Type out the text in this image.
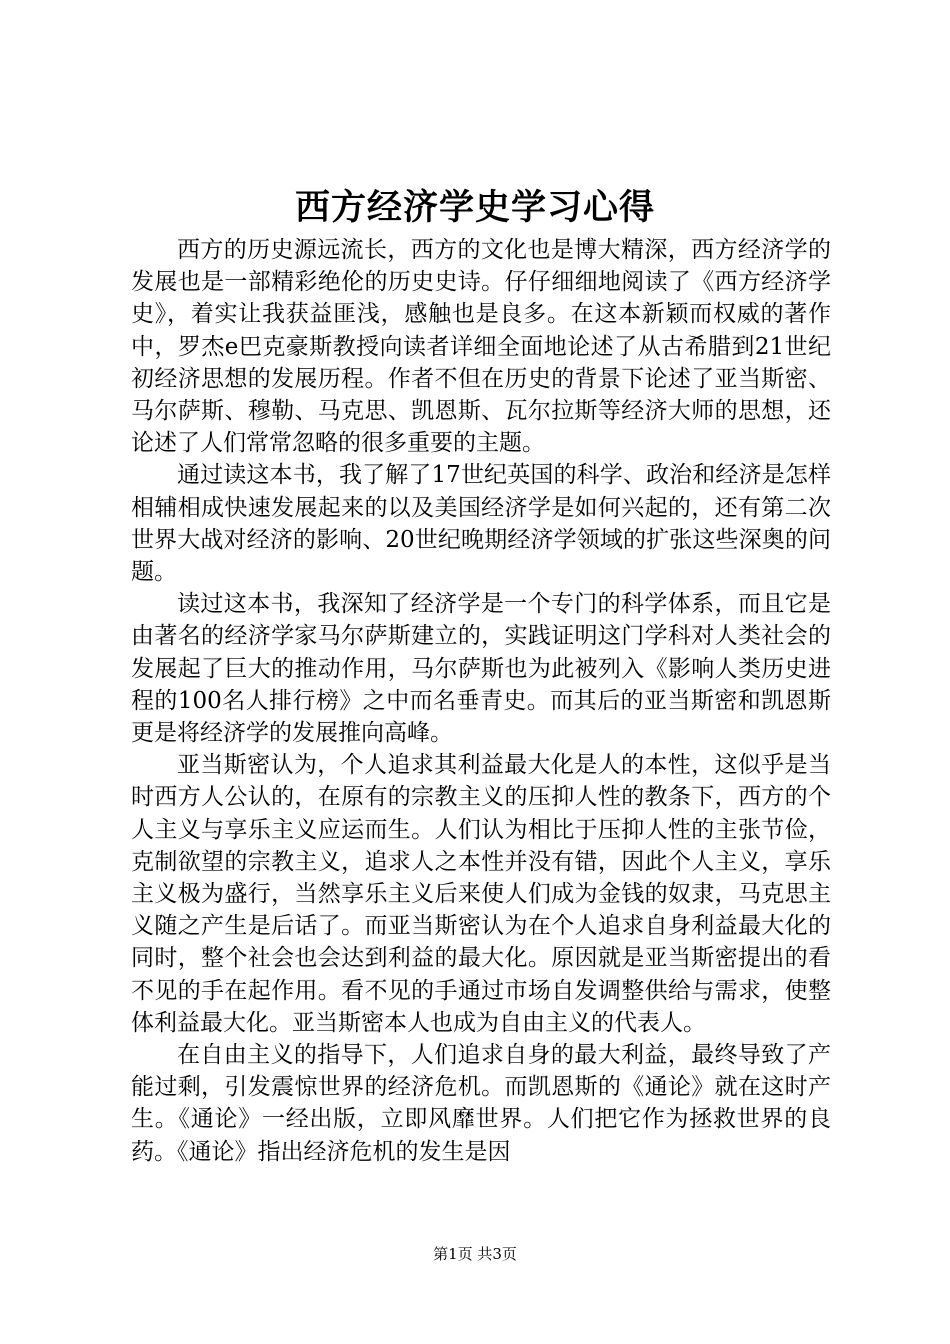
西方经济学史学习心得

西方的历史源远流长，西方的文化也是博大精深，西方经济学的发展也是一部精彩绝伦的历史史诗。仔仔细细地阅读了《西方经济学史》，着实让我获益匪浅，感触也是良多。在这本新颖而权威的著作中，罗杰e巴克豪斯教授向读者详细全面地论述了从古希腊到21世纪初经济思想的发展历程。作者不但在历史的背景下论述了亚当斯密、马尔萨斯、穆勒、马克思、凯恩斯、瓦尔拉斯等经济大师的思想，还论述了人们常常忽略的很多重要的主题。

通过读这本书，我了解了17世纪英国的科学、政治和经济是怎样相辅相成快速发展起来的以及美国经济学是如何兴起的，还有第二次世界大战对经济的影响、20世纪晚期经济学领域的扩张这些深奥的问题。

读过这本书，我深知了经济学是一个专门的科学体系，而且它是由著名的经济学家马尔萨斯建立的，实践证明这门学科对人类社会的发展起了巨大的推动作用，马尔萨斯也为此被列入《影响人类历史进程的100名人排行榜》之中而名垂青史。而其后的亚当斯密和凯恩斯更是将经济学的发展推向高峰。

亚当斯密认为，个人追求其利益最大化是人的本性，这似乎是当时西方人公认的，在原有的宗教主义的压抑人性的教条下，西方的个人主义与享乐主义应运而生。人们认为相比于压抑人性的主张节俭，克制欲望的宗教主义，追求人之本性并没有错，因此个人主义，享乐主义极为盛行，当然享乐主义后来使人们成为金钱的奴隶，马克思主义随之产生是后话了。而亚当斯密认为在个人追求自身利益最大化的同时，整个社会也会达到利益的最大化。原因就是亚当斯密提出的看不见的手在起作用。看不见的手通过市场自发调整供给与需求，使整体利益最大化。亚当斯密本人也成为自由主义的代表人。

在自由主义的指导下，人们追求自身的最大利益，最终导致了产能过剩，引发震惊世界的经济危机。而凯恩斯的《通论》就在这时产生。《通论》一经出版，立即风靡世界。人们把它作为拯救世界的良药。《通论》指出经济危机的发生是因

第1页 共3页
